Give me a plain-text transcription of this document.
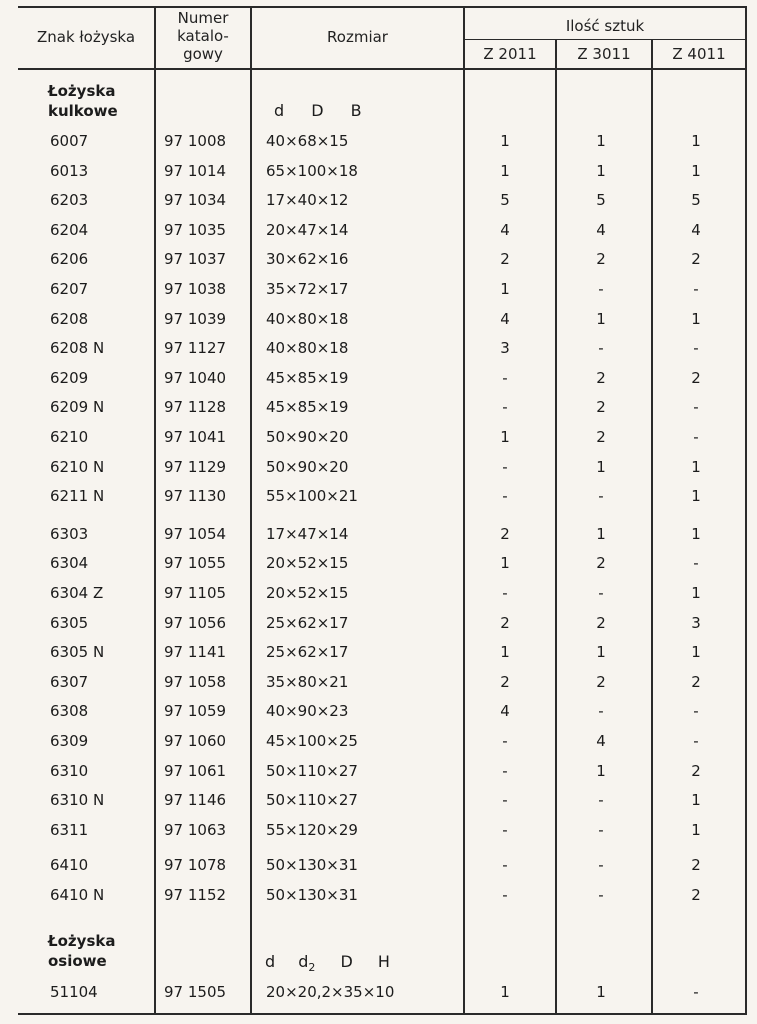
Znak łożyska
Numer
katalo-
gowy
Rozmiar
Ilość sztuk
Z 2011	Z 3011	Z 4011
Łożyska
kulkowe	d D B
6007	97 1008	40×68×15	1	1	1
6013	97 1014	65×100×18	1	1	1
6203	97 1034	17×40×12	5	5	5
6204	97 1035	20×47×14	4	4	4
6206	97 1037	30×62×16	2	2	2
6207	97 1038	35×72×17	1	-	-
6208	97 1039	40×80×18	4	1	1
6208 N	97 1127	40×80×18	3	-	-
6209	97 1040	45×85×19	-	2	2
6209 N	97 1128	45×85×19	-	2	-
6210	97 1041	50×90×20	1	2	-
6210 N	97 1129	50×90×20	-	1	1
6211 N	97 1130	55×100×21	-	-	1
6303	97 1054	17×47×14	2	1	1
6304	97 1055	20×52×15	1	2	-
6304 Z	97 1105	20×52×15	-	-	1
6305	97 1056	25×62×17	2	2	3
6305 N	97 1141	25×62×17	1	1	1
6307	97 1058	35×80×21	2	2	2
6308	97 1059	40×90×23	4	-	-
6309	97 1060	45×100×25	-	4	-
6310	97 1061	50×110×27	-	1	2
6310 N	97 1146	50×110×27	-	-	1
6311	97 1063	55×120×29	-	-	1
6410	97 1078	50×130×31	-	-	2
6410 N	97 1152	50×130×31	-	-	2
Łożyska
osiowe	d $d_2$ D H
51104	97 1505	20×20,2×35×10	1	1	-
